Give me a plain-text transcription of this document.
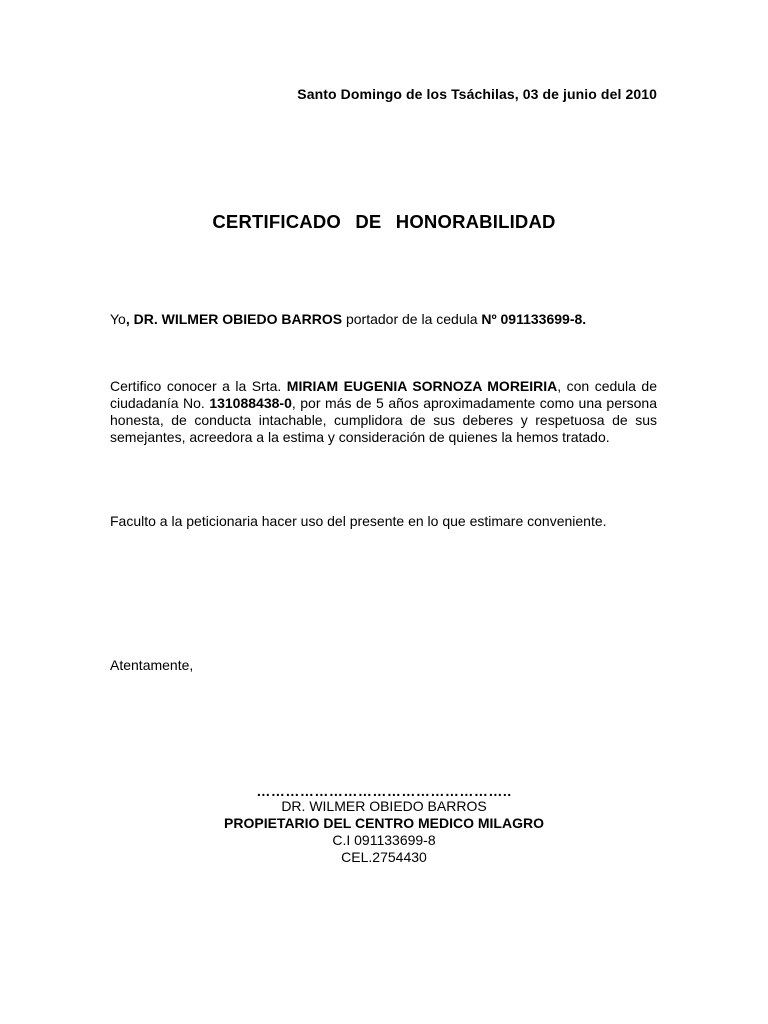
Santo Domingo de los Tsáchilas, 03 de junio del 2010
CERTIFICADO DE HONORABILIDAD
Yo, DR. WILMER OBIEDO BARROS portador de la cedula Nº 091133699-8.
Certifico conocer a la Srta. MIRIAM EUGENIA SORNOZA MOREIRIA, con cedula de ciudadanía No. 131088438-0, por más de 5 años aproximadamente como una persona honesta, de conducta intachable, cumplidora de sus deberes y respetuosa de sus semejantes, acreedora a la estima y consideración de quienes la hemos tratado.
Faculto a la peticionaria hacer uso del presente en lo que estimare conveniente.
Atentamente,
……………………………………………..
DR. WILMER OBIEDO BARROS
PROPIETARIO DEL CENTRO MEDICO MILAGRO
C.I 091133699-8
CEL.2754430
